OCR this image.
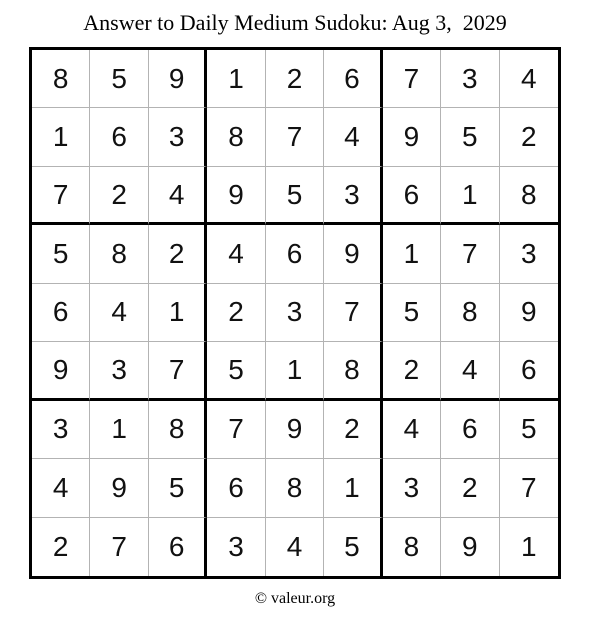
Answer to Daily Medium Sudoku: Aug 3,  2029
8	5	9	1	2	6	7	3	4
1	6	3	8	7	4	9	5	2
7	2	4	9	5	3	6	1	8
5	8	2	4	6	9	1	7	3
6	4	1	2	3	7	5	8	9
9	3	7	5	1	8	2	4	6
3	1	8	7	9	2	4	6	5
4	9	5	6	8	1	3	2	7
2	7	6	3	4	5	8	9	1
© valeur.org
